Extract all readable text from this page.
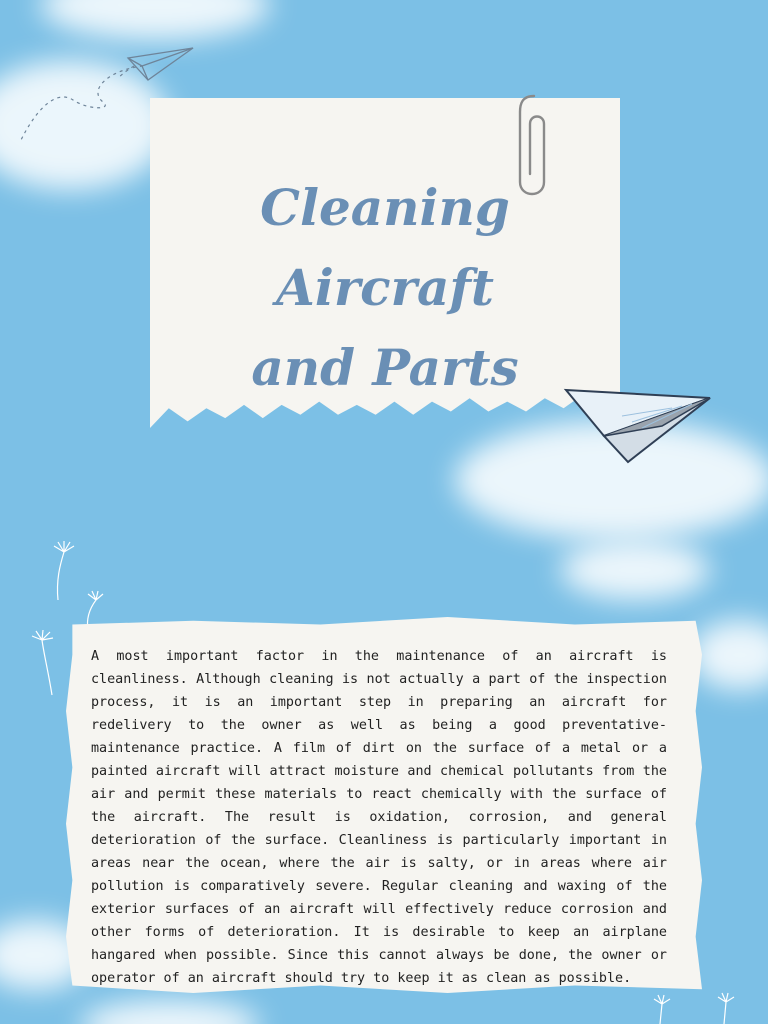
Cleaning Aircraft
and Parts

A most important factor in the maintenance of an aircraft is cleanliness. Although cleaning is not actually a part of the inspection process, it is an important step in preparing an aircraft for redelivery to the owner as well as being a good preventative-maintenance practice. A film of dirt on the surface of a metal or a painted aircraft will attract moisture and chemical pollutants from the air and permit these materials to react chemically with the surface of the aircraft. The result is oxidation, corrosion, and general deterioration of the surface. Cleanliness is particularly important in areas near the ocean, where the air is salty, or in areas where air pollution is comparatively severe. Regular cleaning and waxing of the exterior surfaces of an aircraft will effectively reduce corrosion and other forms of deterioration. It is desirable to keep an airplane hangared when possible. Since this cannot always be done, the owner or operator of an aircraft should try to keep it as clean as possible.
